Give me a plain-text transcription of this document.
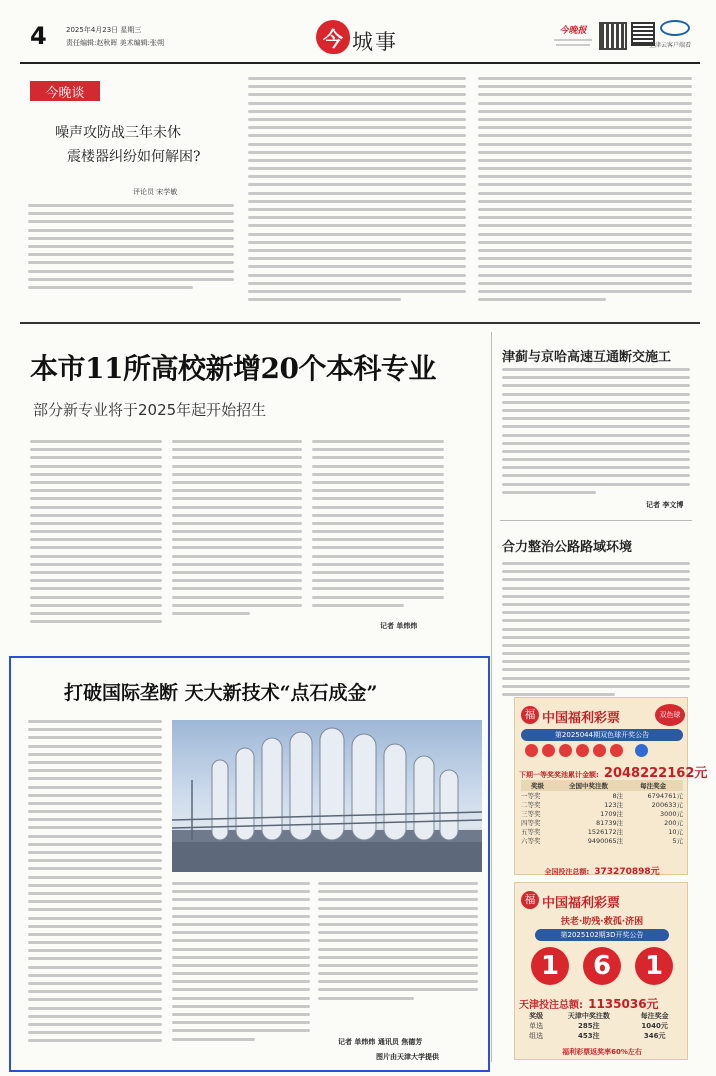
4	2025年4月23日 星期三
责任编辑:赵秋晖 美术编辑:张朔	今 城事	今晚报
上津云客户端看
今晚谈
噪声攻防战三年未休
震楼器纠纷如何解困?
评论员 宋学敏
本市11所高校新增20个本科专业
部分新专业将于2025年起开始招生
记者 单炜炜
津蓟与京哈高速互通断交施工
记者 李文博
合力整治公路路域环境
福 中国福利彩票	双色球
第2025044期双色球开奖公告
下期一等奖奖池累计金额: 2048222162元
奖级	全国中奖注数	每注奖金
一等奖	8注	6794761元
二等奖	123注	200633元
三等奖	1709注	3000元
四等奖	81739注	200元
五等奖	1526172注	10元
六等奖	9490065注	5元
全国投注总额: 373270898元
福 中国福利彩票
扶老·助残·救孤·济困
第2025102期3D开奖公告
1	6	1
天津投注总额: 1135036元
奖级	天津中奖注数	每注奖金
单选	285注	1040元
组选	453注	346元
福利彩票返奖率60%左右
打破国际垄断 天大新技术“点石成金”
记者 单炜炜 通讯员 焦德芳
图片由天津大学提供
